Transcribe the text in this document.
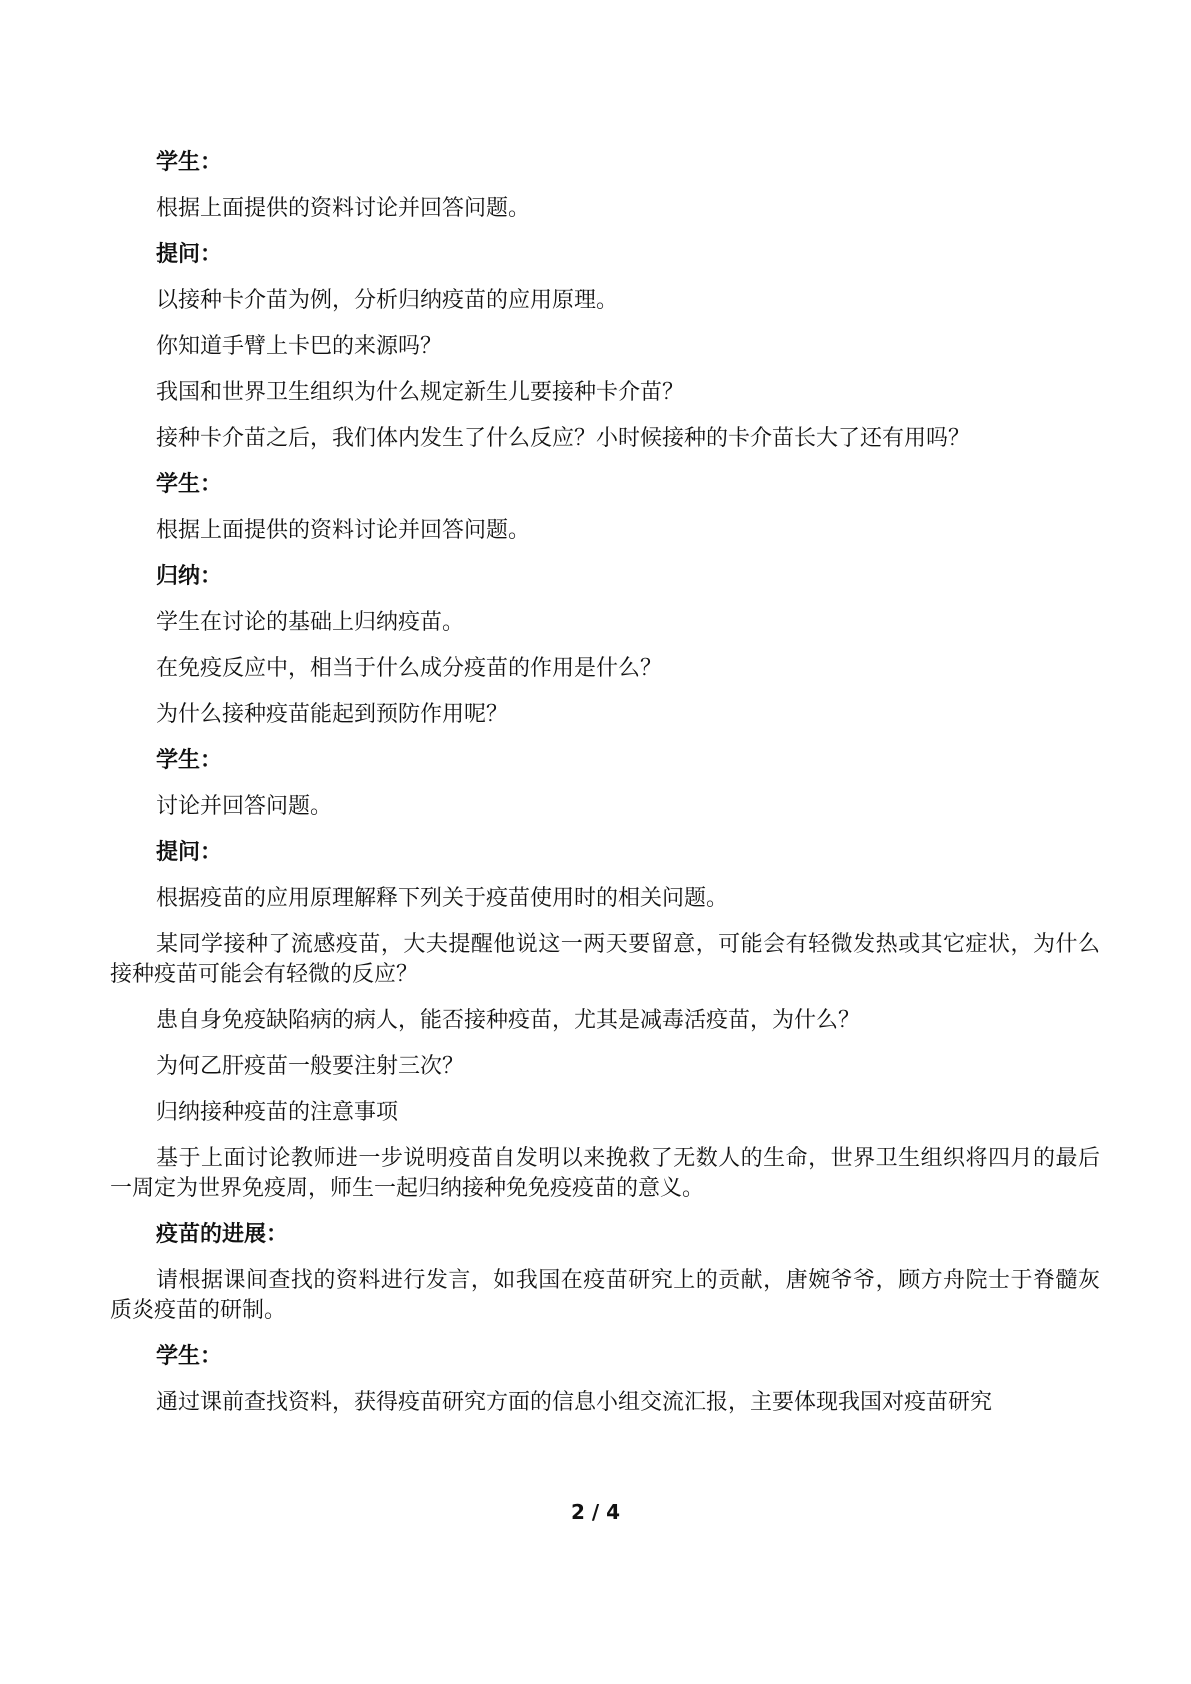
学生：

根据上面提供的资料讨论并回答问题。

提问：

以接种卡介苗为例，分析归纳疫苗的应用原理。

你知道手臂上卡巴的来源吗？

我国和世界卫生组织为什么规定新生儿要接种卡介苗？

接种卡介苗之后，我们体内发生了什么反应？小时候接种的卡介苗长大了还有用吗？

学生：

根据上面提供的资料讨论并回答问题。

归纳：

学生在讨论的基础上归纳疫苗。

在免疫反应中，相当于什么成分疫苗的作用是什么？

为什么接种疫苗能起到预防作用呢？

学生：

讨论并回答问题。

提问：

根据疫苗的应用原理解释下列关于疫苗使用时的相关问题。

某同学接种了流感疫苗，大夫提醒他说这一两天要留意，可能会有轻微发热或其它症状，为什么接种疫苗可能会有轻微的反应？

患自身免疫缺陷病的病人，能否接种疫苗，尤其是减毒活疫苗，为什么？

为何乙肝疫苗一般要注射三次？

归纳接种疫苗的注意事项

基于上面讨论教师进一步说明疫苗自发明以来挽救了无数人的生命，世界卫生组织将四月的最后一周定为世界免疫周，师生一起归纳接种免免疫疫苗的意义。

疫苗的进展：

请根据课间查找的资料进行发言，如我国在疫苗研究上的贡献，唐婉爷爷，顾方舟院士于脊髓灰质炎疫苗的研制。

学生：

通过课前查找资料，获得疫苗研究方面的信息小组交流汇报，主要体现我国对疫苗研究

2 / 4
